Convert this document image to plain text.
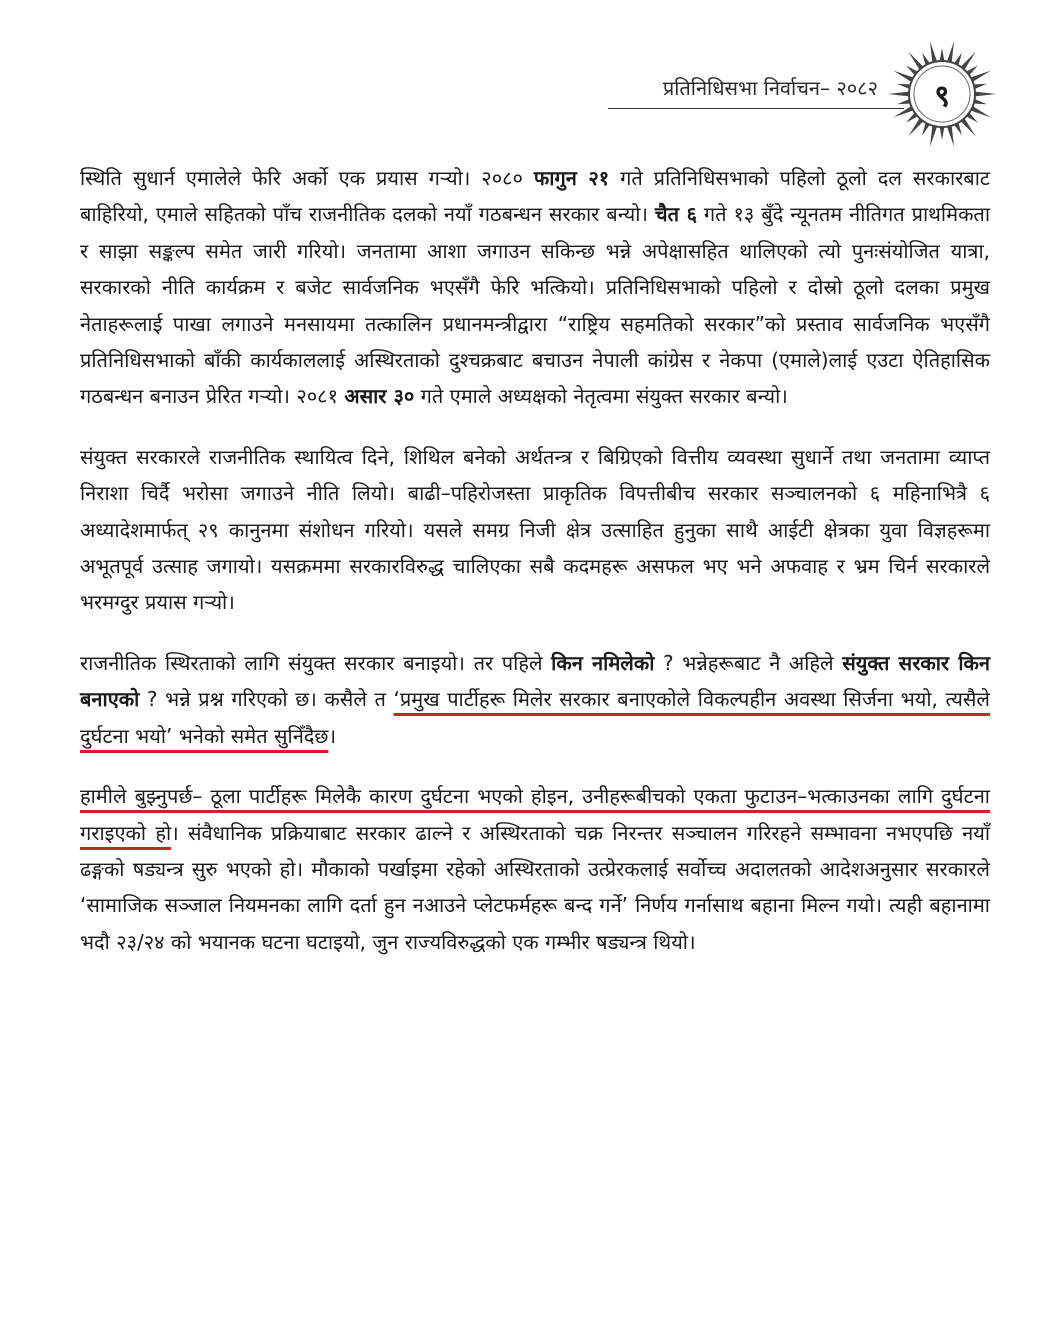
प्रतिनिधिसभा निर्वाचन– २०८२	९

स्थिति सुधार्न एमालेले फेरि अर्को एक प्रयास गर्‍यो। २०८० फागुन २१ गते प्रतिनिधिसभाको पहिलो ठूलो दल सरकारबाट बाहिरियो, एमाले सहितको पाँच राजनीतिक दलको नयाँ गठबन्धन सरकार बन्यो। चैत ६ गते १३ बुँदे न्यूनतम नीतिगत प्राथमिकता र साझा सङ्कल्प समेत जारी गरियो। जनतामा आशा जगाउन सकिन्छ भन्ने अपेक्षासहित थालिएको त्यो पुनःसंयोजित यात्रा, सरकारको नीति कार्यक्रम र बजेट सार्वजनिक भएसँगै फेरि भत्कियो। प्रतिनिधिसभाको पहिलो र दोस्रो ठूलो दलका प्रमुख नेताहरूलाई पाखा लगाउने मनसायमा तत्कालिन प्रधानमन्त्रीद्वारा “राष्ट्रिय सहमतिको सरकार”को प्रस्ताव सार्वजनिक भएसँगै प्रतिनिधिसभाको बाँकी कार्यकाललाई अस्थिरताको दुश्चक्रबाट बचाउन नेपाली कांग्रेस र नेकपा (एमाले)लाई एउटा ऐतिहासिक गठबन्धन बनाउन प्रेरित गर्‍यो। २०८१ असार ३० गते एमाले अध्यक्षको नेतृत्वमा संयुक्त सरकार बन्यो।

संयुक्त सरकारले राजनीतिक स्थायित्व दिने, शिथिल बनेको अर्थतन्त्र र बिग्रिएको वित्तीय व्यवस्था सुधार्ने तथा जनतामा व्याप्त निराशा चिर्दै भरोसा जगाउने नीति लियो। बाढी–पहिरोजस्ता प्राकृतिक विपत्तीबीच सरकार सञ्चालनको ६ महिनाभित्रै ६ अध्यादेशमार्फत् २९ कानुनमा संशोधन गरियो। यसले समग्र निजी क्षेत्र उत्साहित हुनुका साथै आईटी क्षेत्रका युवा विज्ञहरूमा अभूतपूर्व उत्साह जगायो। यसक्रममा सरकारविरुद्ध चालिएका सबै कदमहरू असफल भए भने अफवाह र भ्रम चिर्न सरकारले भरमग्दुर प्रयास गर्‍यो।

राजनीतिक स्थिरताको लागि संयुक्त सरकार बनाइयो। तर पहिले किन नमिलेको ? भन्नेहरूबाट नै अहिले संयुक्त सरकार किन बनाएको ? भन्ने प्रश्न गरिएको छ। कसैले त ‘प्रमुख पार्टीहरू मिलेर सरकार बनाएकोले विकल्पहीन अवस्था सिर्जना भयो, त्यसैले दुर्घटना भयो’ भनेको समेत सुनिँदैछ।

हामीले बुझ्नुपर्छ– ठूला पार्टीहरू मिलेकै कारण दुर्घटना भएको होइन, उनीहरूबीचको एकता फुटाउन–भत्काउनका लागि दुर्घटना गराइएको हो। संवैधानिक प्रक्रियाबाट सरकार ढाल्ने र अस्थिरताको चक्र निरन्तर सञ्चालन गरिरहने सम्भावना नभएपछि नयाँ ढङ्गको षड्यन्त्र सुरु भएको हो। मौकाको पर्खाइमा रहेको अस्थिरताको उत्प्रेरकलाई सर्वोच्च अदालतको आदेशअनुसार सरकारले ‘सामाजिक सञ्जाल नियमनका लागि दर्ता हुन नआउने प्लेटफर्महरू बन्द गर्ने’ निर्णय गर्नासाथ बहाना मिल्न गयो। त्यही बहानामा भदौ २३/२४ को भयानक घटना घटाइयो, जुन राज्यविरुद्धको एक गम्भीर षड्यन्त्र थियो।
